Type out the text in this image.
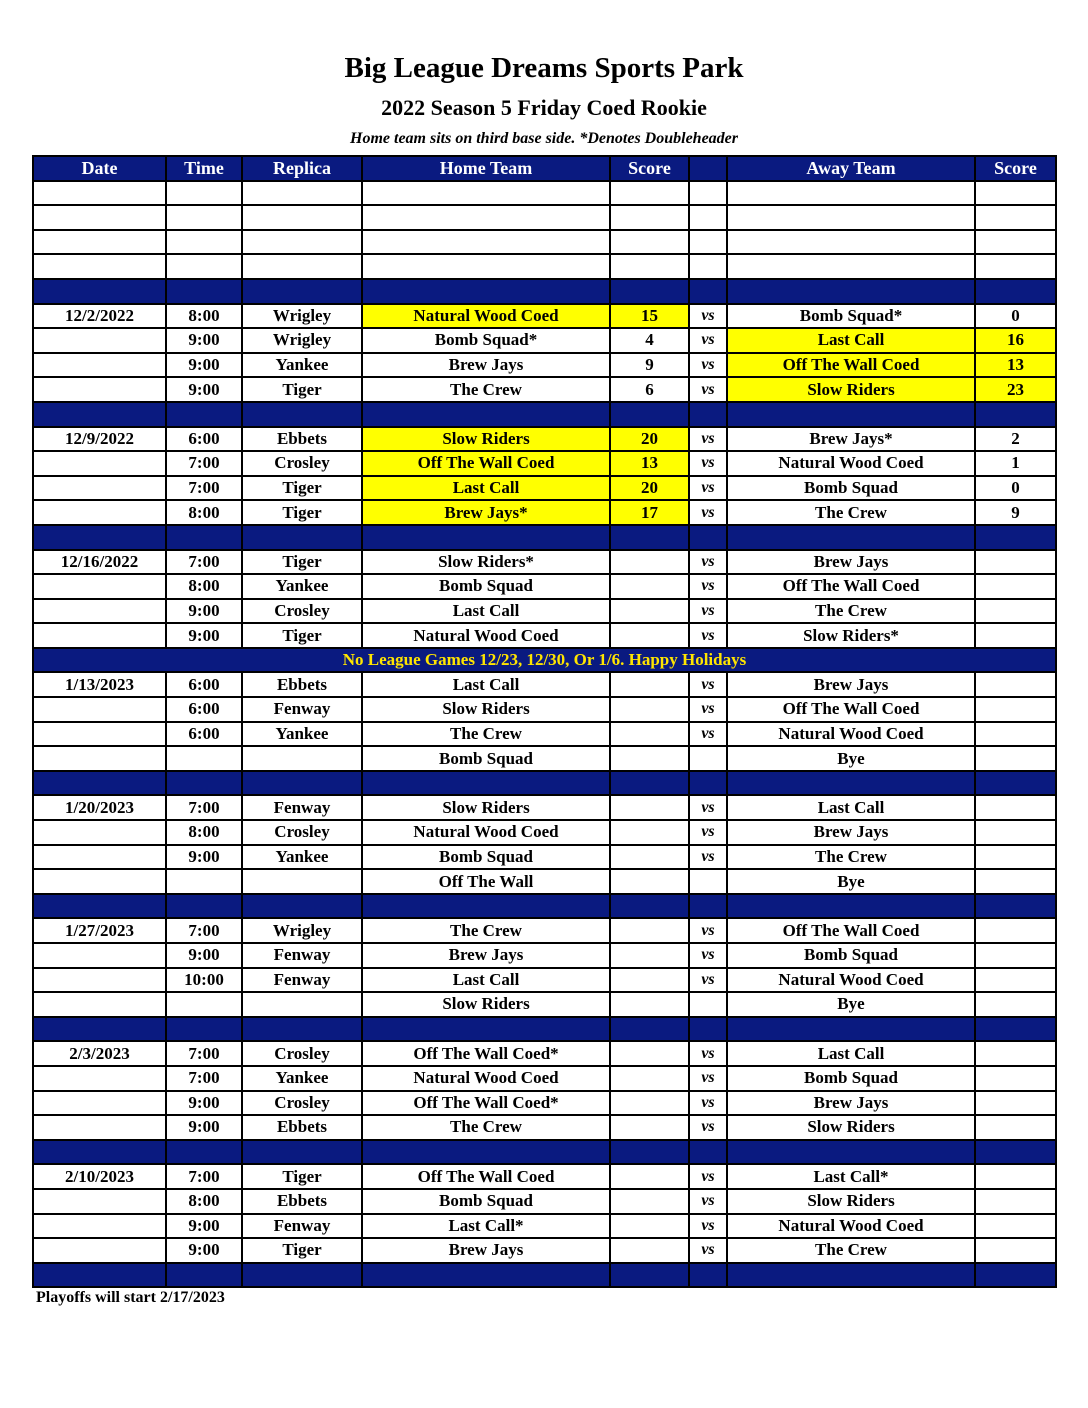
Big League Dreams Sports Park
2022 Season 5 Friday Coed Rookie
Home team sits on third base side. *Denotes Doubleheader
Date	Time	Replica	Home Team	Score		Away Team	Score

12/2/2022	8:00	Wrigley	Natural Wood Coed	15	vs	Bomb Squad*	0
	9:00	Wrigley	Bomb Squad*	4	vs	Last Call	16
	9:00	Yankee	Brew Jays	9	vs	Off The Wall Coed	13
	9:00	Tiger	The Crew	6	vs	Slow Riders	23

12/9/2022	6:00	Ebbets	Slow Riders	20	vs	Brew Jays*	2
	7:00	Crosley	Off The Wall Coed	13	vs	Natural Wood Coed	1
	7:00	Tiger	Last Call	20	vs	Bomb Squad	0
	8:00	Tiger	Brew Jays*	17	vs	The Crew	9

12/16/2022	7:00	Tiger	Slow Riders*		vs	Brew Jays	
	8:00	Yankee	Bomb Squad		vs	Off The Wall Coed	
	9:00	Crosley	Last Call		vs	The Crew	
	9:00	Tiger	Natural Wood Coed		vs	Slow Riders*	
No League Games 12/23, 12/30, Or 1/6. Happy Holidays							
1/13/2023	6:00	Ebbets	Last Call		vs	Brew Jays	
	6:00	Fenway	Slow Riders		vs	Off The Wall Coed	
	6:00	Yankee	The Crew		vs	Natural Wood Coed	
			Bomb Squad			Bye	

1/20/2023	7:00	Fenway	Slow Riders		vs	Last Call	
	8:00	Crosley	Natural Wood Coed		vs	Brew Jays	
	9:00	Yankee	Bomb Squad		vs	The Crew	
			Off The Wall			Bye	

1/27/2023	7:00	Wrigley	The Crew		vs	Off The Wall Coed	
	9:00	Fenway	Brew Jays		vs	Bomb Squad	
	10:00	Fenway	Last Call		vs	Natural Wood Coed	
			Slow Riders			Bye	

2/3/2023	7:00	Crosley	Off The Wall Coed*		vs	Last Call	
	7:00	Yankee	Natural Wood Coed		vs	Bomb Squad	
	9:00	Crosley	Off The Wall Coed*		vs	Brew Jays	
	9:00	Ebbets	The Crew		vs	Slow Riders	

2/10/2023	7:00	Tiger	Off The Wall Coed		vs	Last Call*	
	8:00	Ebbets	Bomb Squad		vs	Slow Riders	
	9:00	Fenway	Last Call*		vs	Natural Wood Coed	
	9:00	Tiger	Brew Jays		vs	The Crew	

Playoffs will start 2/17/2023
